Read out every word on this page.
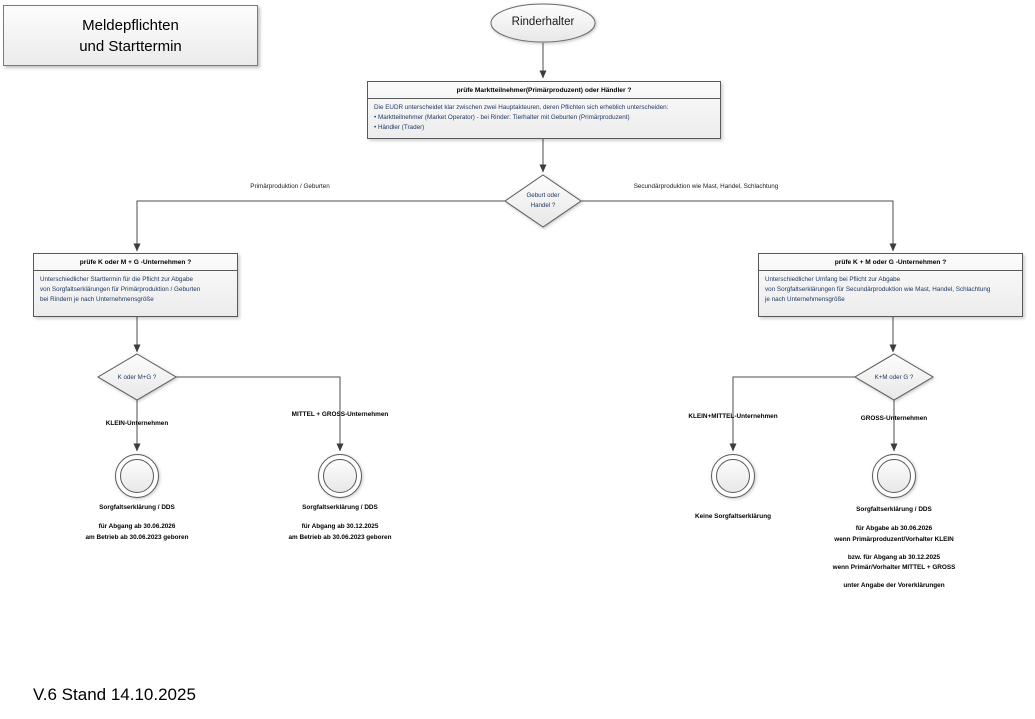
Meldepflichten
und Starttermin
Rinderhalter
prüfe Marktteilnehmer(Primärproduzent) oder Händler ?
Die EUDR unterscheidet klar zwischen zwei Hauptakteuren, deren Pflichten sich erheblich unterscheiden:
• Marktteilnehmer (Market Operator) - bei Rinder: Tierhalter mit Geburten (Primärproduzent)
• Händler (Trader)
Geburt oder
Handel ?
Primärproduktion / Geburten	Secundärproduktion wie Mast, Handel, Schlachtung
prüfe K oder M + G -Unternehmen ?
Unterschiedlicher Starttermin für die Pflicht zur Abgabe
von Sorgfaltserklärungen für Primärproduktion / Geburten
bei Rindern je nach Unternehmensgröße
prüfe K + M oder G -Unternehmen ?
Unterschiedlicher Umfang bei Pflicht zur Abgabe
von Sorgfaltserklärungen für Secundärproduktion wie Mast, Handel, Schlachtung
je nach Unternehmensgröße
K oder M+G ?	K+M oder G ?
KLEIN-Unternehmen
MITTEL + GROSS-Unternehmen	KLEIN+MITTEL-Unternehmen	GROSS-Unternehmen
Sorgfaltserklärung / DDS
für Abgang ab 30.06.2026
am Betrieb ab 30.06.2023 geboren
Sorgfaltserklärung / DDS
für Abgang ab 30.12.2025
am Betrieb ab 30.06.2023 geboren
Keine Sorgfaltserklärung
Sorgfaltserklärung / DDS
für Abgabe ab 30.06.2026
wenn Primärproduzent/Vorhalter KLEIN
bzw. für Abgang ab 30.12.2025
wenn Primär/Vorhalter MITTEL + GROSS
unter Angabe der Vorerklärungen
V.6 Stand 14.10.2025
